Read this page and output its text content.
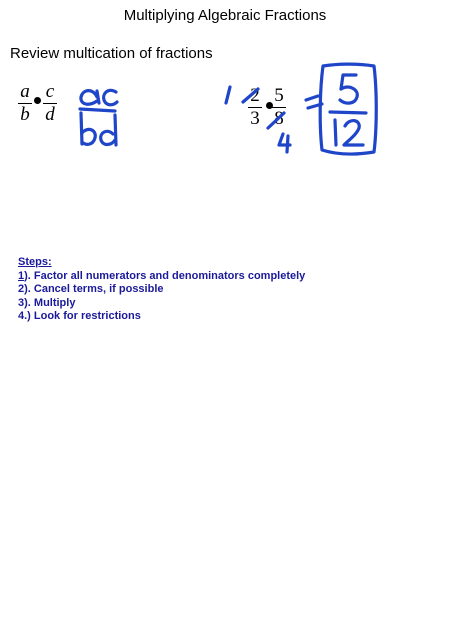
Multiplying Algebraic Fractions
Review multication of fractions
a
b
c
d
2
3
5
8
Steps:
1). Factor all numerators and denominators completely
2). Cancel terms, if possible
3). Multiply
4.) Look for restrictions
